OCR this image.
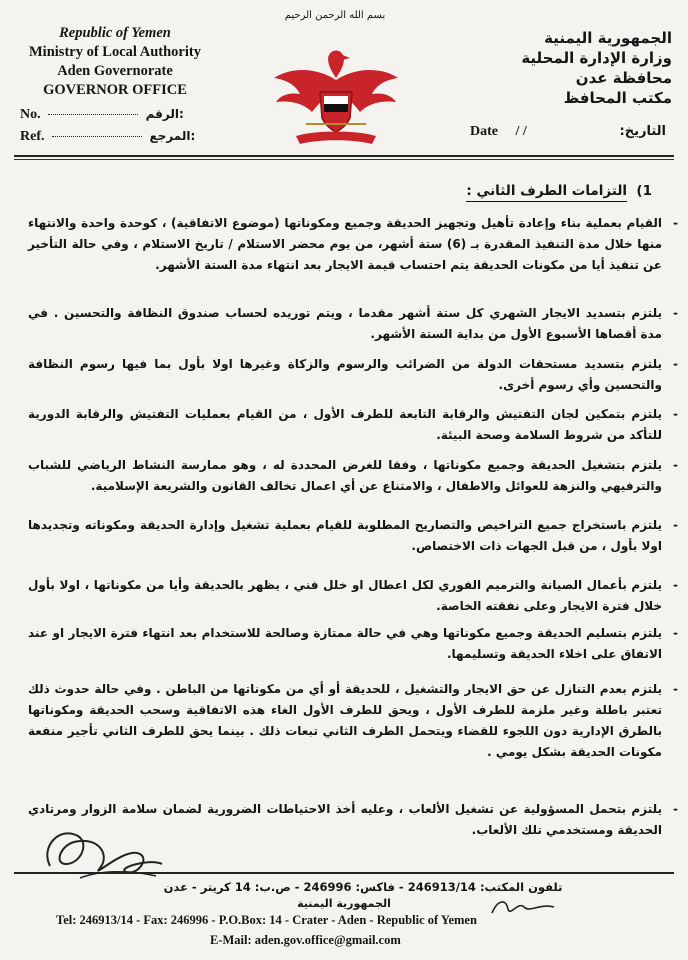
Republic of Yemen
Ministry of Local Authority
Aden Governorate
GOVERNOR OFFICE
بسم الله الرحمن الرحيم
الجمهورية اليمنية
وزارة الإدارة المحلية
محافظة عدن
مكتب المحافظ
No.	الرقم:
Ref.	المرجع:	Date / /	التاريخ:
1)  التزامات الطرف الثاني :
-
القيام بعملية بناء وإعادة تأهيل وتجهيز الحديقة وجميع ومكوناتها (موضوع الاتفاقية) ، كوحدة واحدة والانتهاء منها خلال مدة التنفيذ المقدرة بـ (6) ستة أشهر، من يوم محضر الاستلام / تاريخ الاستلام ، وفي حالة التأخير عن تنفيذ أيا من مكونات الحديقة يتم احتساب قيمة الايجار بعد انتهاء مدة الستة الأشهر.
-
يلتزم بتسديد الايجار الشهري كل ستة أشهر مقدما ، ويتم توريده لحساب صندوق النظافة والتحسين . في مدة أقصاها الأسبوع الأول من بداية الستة الأشهر.
-
يلتزم بتسديد مستحقات الدولة من الضرائب والرسوم والزكاة وغيرها اولا بأول بما فيها رسوم النظافة والتحسين وأي رسوم أخرى.
-
يلتزم بتمكين لجان التفتيش والرقابة التابعة للطرف الأول ، من القيام بعمليات التفتيش والرقابة الدورية للتأكد من شروط السلامة وصحة البيئة.
-
يلتزم بتشغيل الحديقة وجميع مكوناتها ، وفقا للغرض المحددة له ، وهو ممارسة النشاط الرياضي للشباب والترفيهي والنزهة للعوائل والاطفال ، والامتناع عن أي اعمال تخالف القانون والشريعة الإسلامية.
-
يلتزم باستخراج جميع التراخيص والتصاريح المطلوبة للقيام بعملية تشغيل وإدارة الحديقة ومكوناته وتجديدها اولا بأول ، من قبل الجهات ذات الاختصاص.
-
يلتزم بأعمال الصيانة والترميم الفوري لكل اعطال او خلل فني ، يظهر بالحديقة وأيا من مكوناتها ، اولا بأول خلال فترة الايجار وعلى نفقته الخاصة.
-
يلتزم بتسليم الحديقة وجميع مكوناتها وهي في حالة ممتازة وصالحة للاستخدام بعد انتهاء فترة الايجار او عند الاتفاق على اخلاء الحديقة وتسليمها.
-
يلتزم بعدم التنازل عن حق الايجار والتشغيل ، للحديقة أو أي من مكوناتها من الباطن . وفي حالة حدوث ذلك تعتبر باطلة وغير ملزمة للطرف الأول ، ويحق للطرف الأول الغاء هذه الاتفاقية وسحب الحديقة ومكوناتها بالطرق الإدارية دون اللجوء للقضاء ويتحمل الطرف الثاني تبعات ذلك . بينما يحق للطرف الثاني تأجير منفعة مكونات الحديقة بشكل يومي .
-
يلتزم بتحمل المسؤولية عن تشغيل الألعاب ، وعليه أخذ الاحتياطات الضرورية لضمان سلامة الزوار ومرتادي الحديقة ومستخدمي تلك الألعاب.
تلفون المكتب: 246913/14 - فاكس: 246996 - ص.ب: 14 كريتر - عدن
الجمهورية اليمنية
Tel: 246913/14 - Fax: 246996 - P.O.Box: 14 - Crater - Aden - Republic of Yemen
E-Mail: aden.gov.office@gmail.com
